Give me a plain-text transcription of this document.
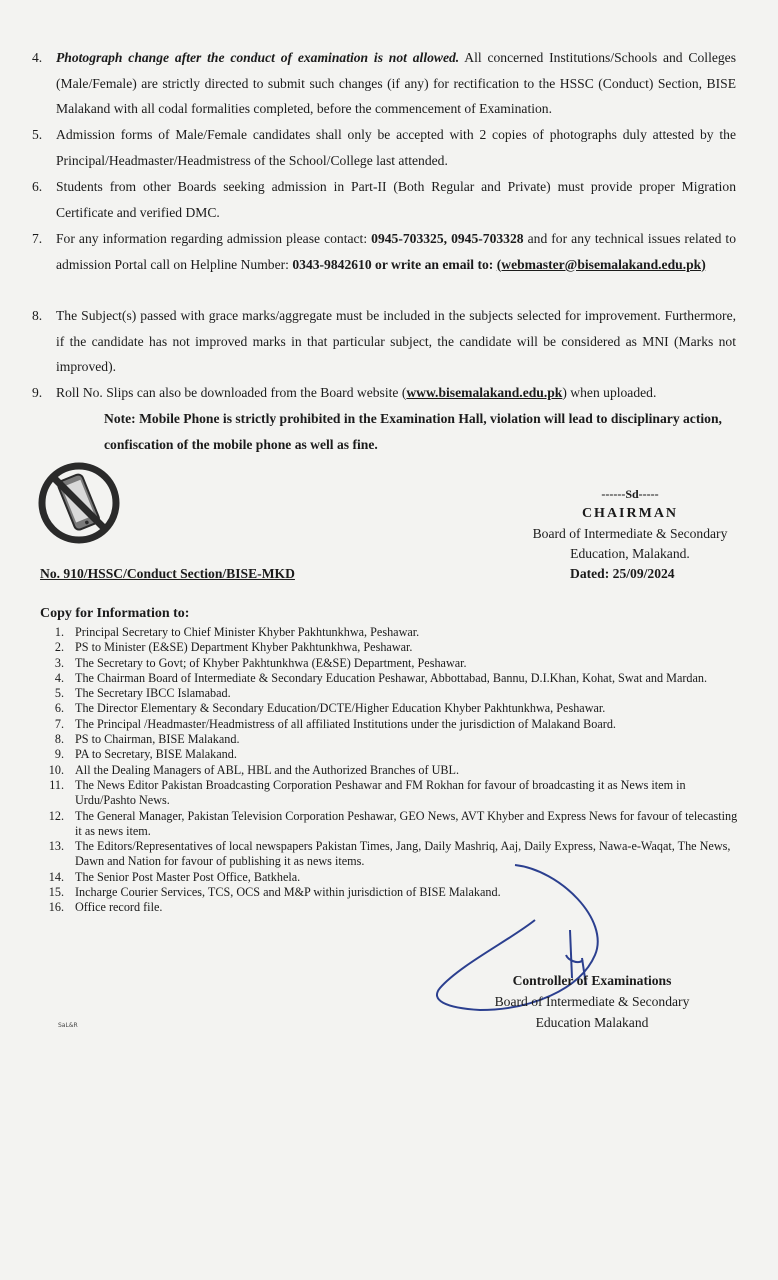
4. Photograph change after the conduct of examination is not allowed. All concerned Institutions/Schools and Colleges (Male/Female) are strictly directed to submit such changes (if any) for rectification to the HSSC (Conduct) Section, BISE Malakand with all codal formalities completed, before the commencement of Examination.
5. Admission forms of Male/Female candidates shall only be accepted with 2 copies of photographs duly attested by the Principal/Headmaster/Headmistress of the School/College last attended.
6. Students from other Boards seeking admission in Part-II (Both Regular and Private) must provide proper Migration Certificate and verified DMC.
7. For any information regarding admission please contact: 0945-703325, 0945-703328 and for any technical issues related to admission Portal call on Helpline Number: 0343-9842610 or write an email to: (webmaster@bisemalakand.edu.pk)
8. The Subject(s) passed with grace marks/aggregate must be included in the subjects selected for improvement. Furthermore, if the candidate has not improved marks in that particular subject, the candidate will be considered as MNI (Marks not improved).
9. Roll No. Slips can also be downloaded from the Board website (www.bisemalakand.edu.pk) when uploaded.
Note: Mobile Phone is strictly prohibited in the Examination Hall, violation will lead to disciplinary action, confiscation of the mobile phone as well as fine.
------Sd-----
CHAIRMAN
Board of Intermediate & Secondary
Education, Malakand.
No. 910/HSSC/Conduct Section/BISE-MKD	Dated: 25/09/2024
Copy for Information to:
1. Principal Secretary to Chief Minister Khyber Pakhtunkhwa, Peshawar.
2. PS to Minister (E&SE) Department Khyber Pakhtunkhwa, Peshawar.
3. The Secretary to Govt; of Khyber Pakhtunkhwa (E&SE) Department, Peshawar.
4. The Chairman Board of Intermediate & Secondary Education Peshawar, Abbottabad, Bannu, D.I.Khan, Kohat, Swat and Mardan.
5. The Secretary IBCC Islamabad.
6. The Director Elementary & Secondary Education/DCTE/Higher Education Khyber Pakhtunkhwa, Peshawar.
7. The Principal /Headmaster/Headmistress of all affiliated Institutions under the jurisdiction of Malakand Board.
8. PS to Chairman, BISE Malakand.
9. PA to Secretary, BISE Malakand.
10. All the Dealing Managers of ABL, HBL and the Authorized Branches of UBL.
11. The News Editor Pakistan Broadcasting Corporation Peshawar and FM Rokhan for favour of broadcasting it as News item in Urdu/Pashto News.
12. The General Manager, Pakistan Television Corporation Peshawar, GEO News, AVT Khyber and Express News for favour of telecasting it as news item.
13. The Editors/Representatives of local newspapers Pakistan Times, Jang, Daily Mashriq, Aaj, Daily Express, Nawa-e-Waqat, The News, Dawn and Nation for favour of publishing it as news items.
14. The Senior Post Master Post Office, Batkhela.
15. Incharge Courier Services, TCS, OCS and M&P within jurisdiction of BISE Malakand.
16. Office record file.
Controller of Examinations
Board of Intermediate & Secondary
Education Malakand
SaL&R
